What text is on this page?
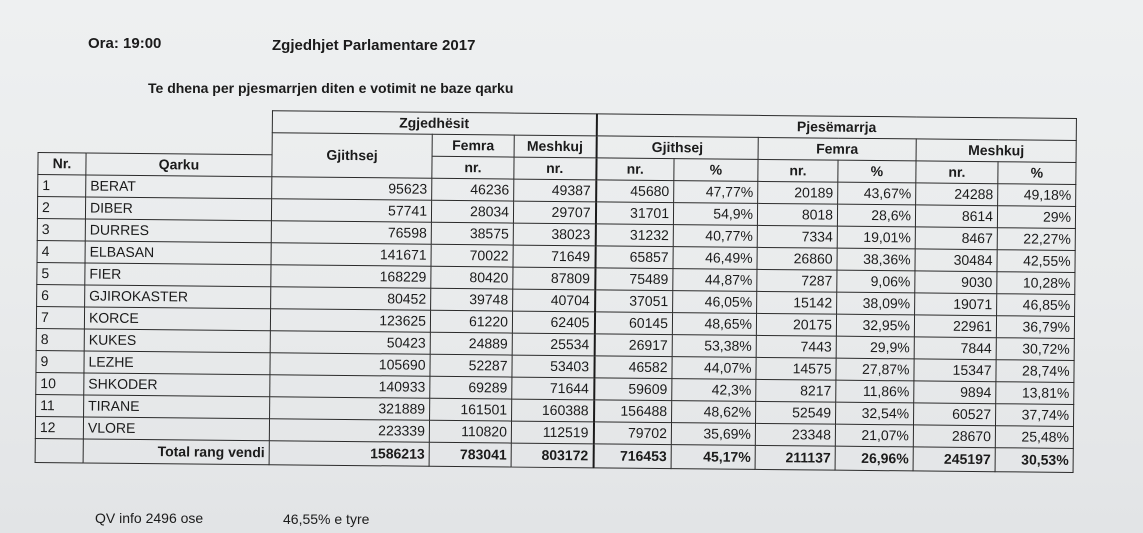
Ora: 19:00	Zgjedhjet Parlamentare 2017
Te dhena per pjesmarrjen diten e votimit ne baze qarku
		Zgjedhësit			Pjesëmarrja						
		Gjithsej	Femra	Meshkuj	Gjithsej		Femra		Meshkuj		
Nr.	Qarku		nr.	nr.	nr.	%	nr.	%	nr.	%	
1	BERAT	95623	46236	49387	45680	47,77%	20189	43,67%	24288	49,18%	
2	DIBER	57741	28034	29707	31701	54,9%	8018	28,6%	8614	29%	
3	DURRES	76598	38575	38023	31232	40,77%	7334	19,01%	8467	22,27%	
4	ELBASAN	141671	70022	71649	65857	46,49%	26860	38,36%	30484	42,55%	
5	FIER	168229	80420	87809	75489	44,87%	7287	9,06%	9030	10,28%	
6	GJIROKASTER	80452	39748	40704	37051	46,05%	15142	38,09%	19071	46,85%	
7	KORCE	123625	61220	62405	60145	48,65%	20175	32,95%	22961	36,79%	
8	KUKES	50423	24889	25534	26917	53,38%	7443	29,9%	7844	30,72%	
9	LEZHE	105690	52287	53403	46582	44,07%	14575	27,87%	15347	28,74%	
10	SHKODER	140933	69289	71644	59609	42,3%	8217	11,86%	9894	13,81%	
11	TIRANE	321889	161501	160388	156488	48,62%	52549	32,54%	60527	37,74%	
12	VLORE	223339	110820	112519	79702	35,69%	23348	21,07%	28670	25,48%	
	Total rang vendi	1586213	783041	803172	716453	45,17%	211137	26,96%	245197	30,53%	
QV info 2496 ose	46,55% e tyre
